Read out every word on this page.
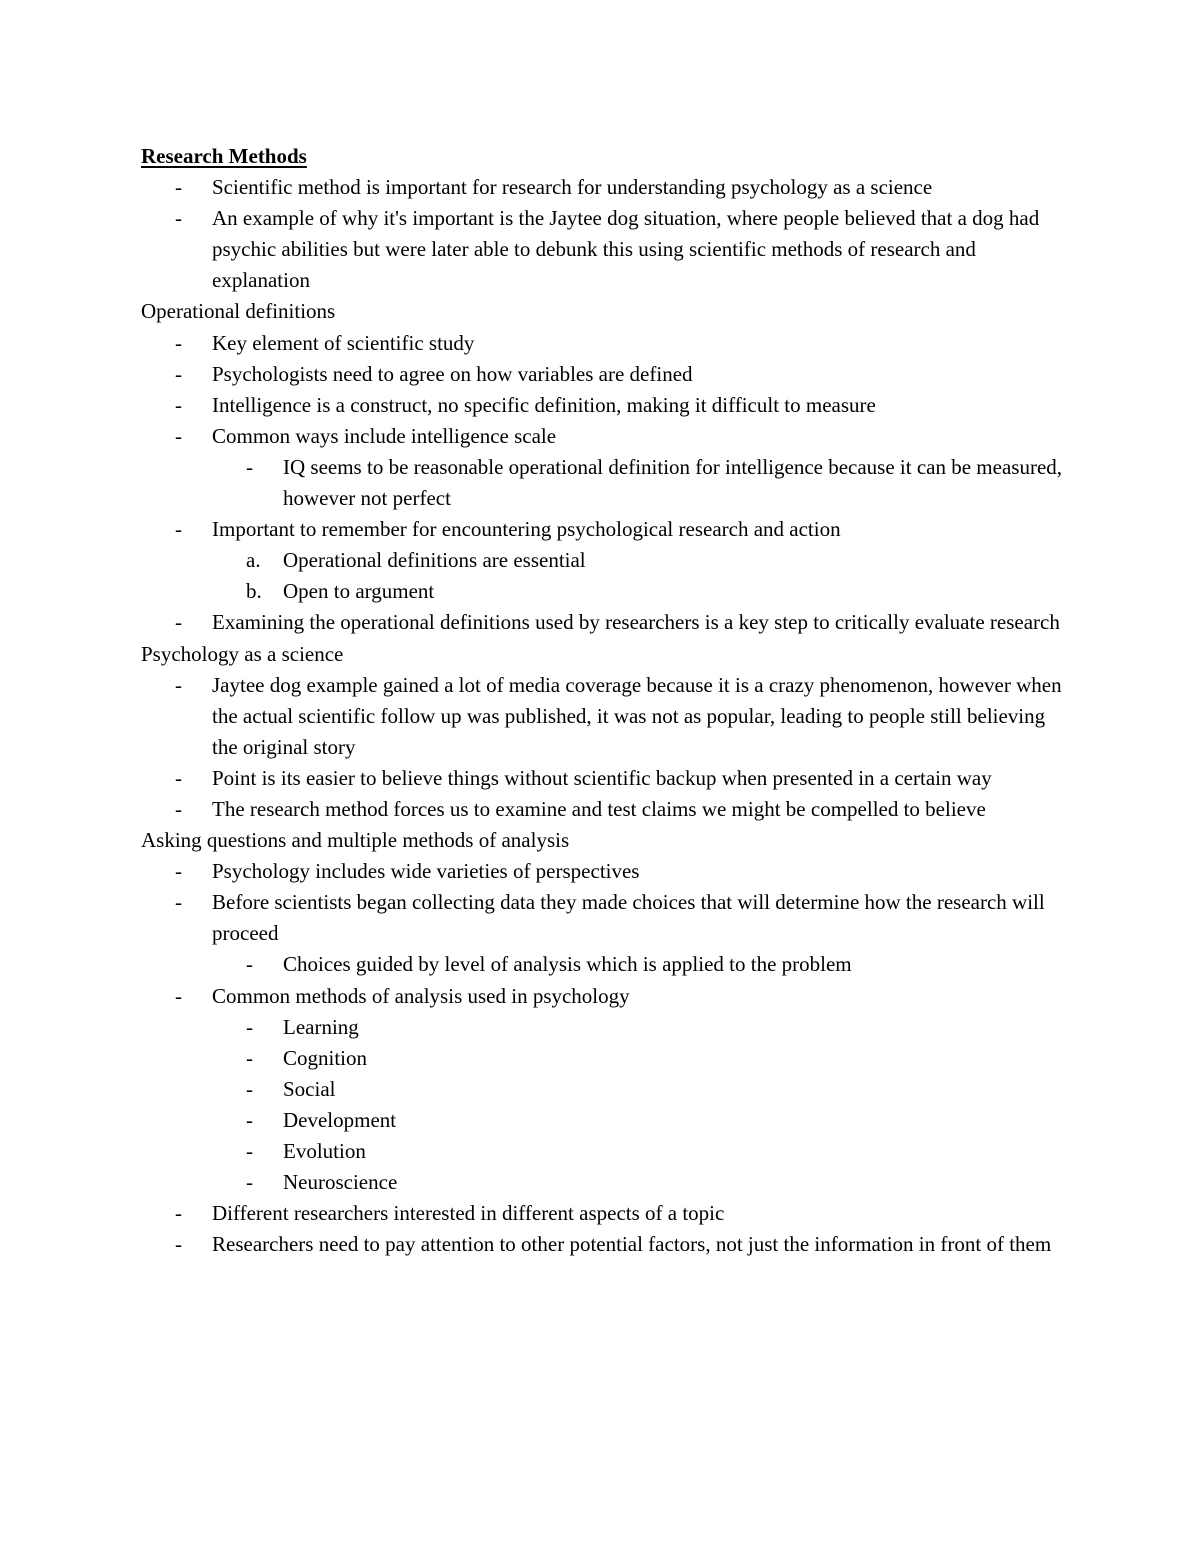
Research Methods
-	Scientific method is important for research for understanding psychology as a science
-	An example of why it's important is the Jaytee dog situation, where people believed that a dog had psychic abilities but were later able to debunk this using scientific methods of research and explanation
Operational definitions
-	Key element of scientific study
-	Psychologists need to agree on how variables are defined
-	Intelligence is a construct, no specific definition, making it difficult to measure
-	Common ways include intelligence scale
-	IQ seems to be reasonable operational definition for intelligence because it can be measured, however not perfect
-	Important to remember for encountering psychological research and action
a.	Operational definitions are essential
b.	Open to argument
-	Examining the operational definitions used by researchers is a key step to critically evaluate research
Psychology as a science
-	Jaytee dog example gained a lot of media coverage because it is a crazy phenomenon, however when the actual scientific follow up was published, it was not as popular, leading to people still believing the original story
-	Point is its easier to believe things without scientific backup when presented in a certain way
-	The research method forces us to examine and test claims we might be compelled to believe
Asking questions and multiple methods of analysis
-	Psychology includes wide varieties of perspectives
-	Before scientists began collecting data they made choices that will determine how the research will proceed
-	Choices guided by level of analysis which is applied to the problem
-	Common methods of analysis used in psychology
-	Learning
-	Cognition
-	Social
-	Development
-	Evolution
-	Neuroscience
-	Different researchers interested in different aspects of a topic
-	Researchers need to pay attention to other potential factors, not just the information in front of them
